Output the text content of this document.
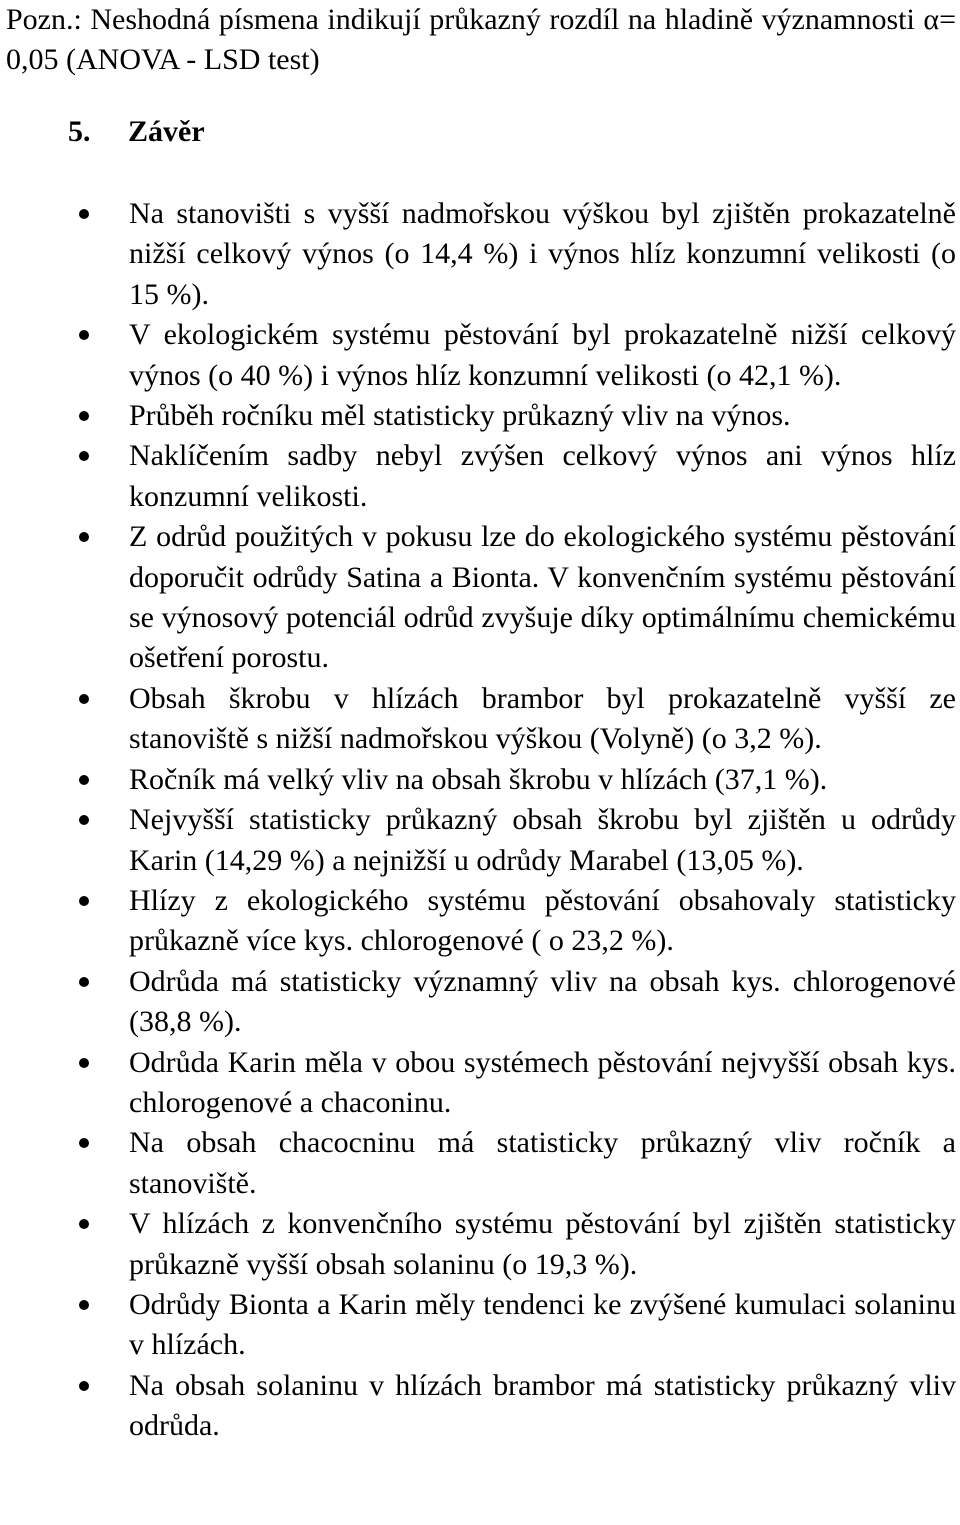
Pozn.: Neshodná písmena indikují průkazný rozdíl na hladině významnosti α= 0,05 (ANOVA - LSD test)
5. Závěr
Na stanovišti s vyšší nadmořskou výškou byl zjištěn prokazatelně nižší celkový výnos (o 14,4 %) i výnos hlíz konzumní velikosti (o 15 %).
V ekologickém systému pěstování byl prokazatelně nižší celkový výnos (o 40 %) i výnos hlíz konzumní velikosti (o 42,1 %).
Průběh ročníku měl statisticky průkazný vliv na výnos.
Naklíčením sadby nebyl zvýšen celkový výnos ani výnos hlíz konzumní velikosti.
Z odrůd použitých v pokusu lze do ekologického systému pěstování doporučit odrůdy Satina a Bionta. V konvenčním systému pěstování se výnosový potenciál odrůd zvyšuje díky optimálnímu chemickému ošetření porostu.
Obsah škrobu v hlízách brambor byl prokazatelně vyšší ze stanoviště s nižší nadmořskou výškou (Volyně) (o 3,2 %).
Ročník má velký vliv na obsah škrobu v hlízách (37,1 %).
Nejvyšší statisticky průkazný obsah škrobu byl zjištěn u odrůdy Karin (14,29 %) a nejnižší u odrůdy Marabel (13,05 %).
Hlízy z ekologického systému pěstování obsahovaly statisticky průkazně více kys. chlorogenové ( o 23,2 %).
Odrůda má statisticky významný vliv na obsah kys. chlorogenové (38,8 %).
Odrůda Karin měla v obou systémech pěstování nejvyšší obsah kys. chlorogenové a chaconinu.
Na obsah chacocninu má statisticky průkazný vliv ročník a stanoviště.
V hlízách z konvenčního systému pěstování byl zjištěn statisticky průkazně vyšší obsah solaninu (o 19,3 %).
Odrůdy Bionta a Karin měly tendenci ke zvýšené kumulaci solaninu v hlízách.
Na obsah solaninu v hlízách brambor má statisticky průkazný vliv odrůda.
